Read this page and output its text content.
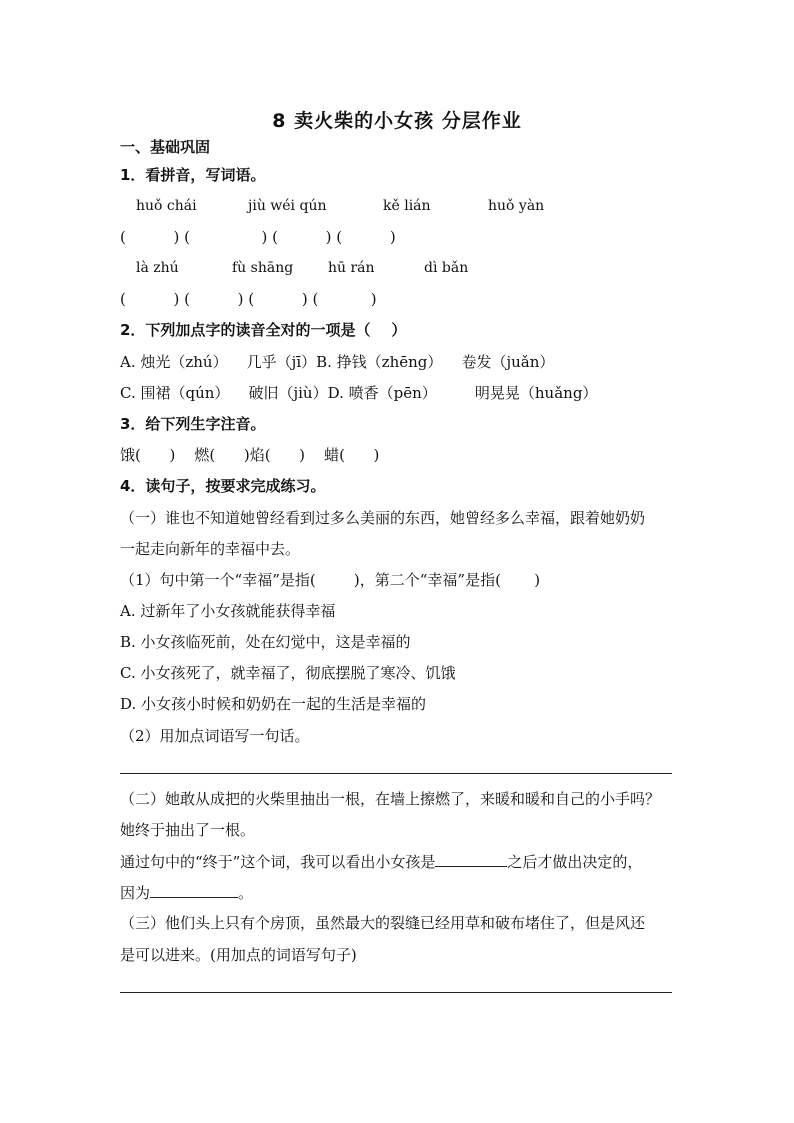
8 卖火柴的小女孩 分层作业
一、基础巩固
1．看拼音，写词语。
huǒ chái	jiù wéi qún	kě lián	huǒ yàn
(          ) (               ) (          ) (          )
là zhú	fù shāng hū rán	dì bǎn
(          ) (          ) (          ) (           )
2．下列加点字的读音全对的一项是（    ）
A. 烛光（zhú）    几乎（jī）B. 挣钱（zhēng）    卷发（juǎn）
C. 围裙（qún）    破旧（jiù）D. 喷香（pēn）        明晃晃（huǎng）
3．给下列生字注音。
饿(      )    燃(      )焰(      )    蜡(      )
4．读句子，按要求完成练习。
（一）谁也不知道她曾经看到过多么美丽的东西，她曾经多么幸福，跟着她奶奶
一起走向新年的幸福中去。
（1）句中第一个“幸福”是指(        )，第二个“幸福”是指(       )
A. 过新年了小女孩就能获得幸福
B. 小女孩临死前，处在幻觉中，这是幸福的
C. 小女孩死了，就幸福了，彻底摆脱了寒冷、饥饿
D. 小女孩小时候和奶奶在一起的生活是幸福的
（2）用加点词语写一句话。
（二）她敢从成把的火柴里抽出一根，在墙上擦燃了，来暖和暖和自己的小手吗？
她终于抽出了一根。
通过句中的“终于”这个词，我可以看出小女孩是	之后才做出决定的，
因为	。
（三）他们头上只有个房顶，虽然最大的裂缝已经用草和破布堵住了，但是风还
是可以进来。(用加点的词语写句子)
